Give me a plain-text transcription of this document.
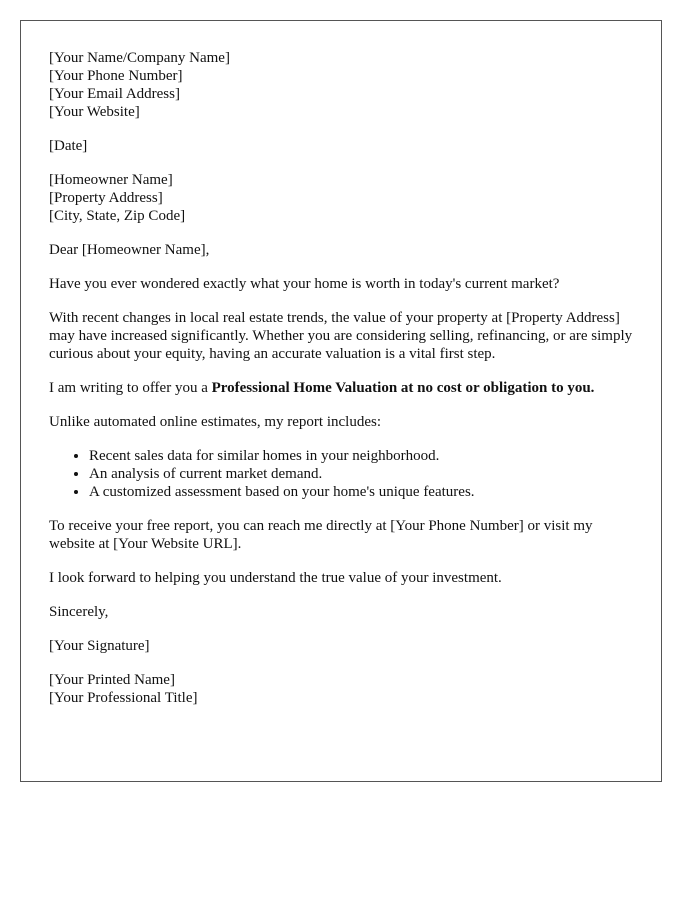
[Your Name/Company Name]
[Your Phone Number]
[Your Email Address]
[Your Website]

[Date]

[Homeowner Name]
[Property Address]
[City, State, Zip Code]

Dear [Homeowner Name],

Have you ever wondered exactly what your home is worth in today's current market?

With recent changes in local real estate trends, the value of your property at [Property Address] may have increased significantly. Whether you are considering selling, refinancing, or are simply curious about your equity, having an accurate valuation is a vital first step.

I am writing to offer you a Professional Home Valuation at no cost or obligation to you.

Unlike automated online estimates, my report includes:

• Recent sales data for similar homes in your neighborhood.
• An analysis of current market demand.
• A customized assessment based on your home's unique features.

To receive your free report, you can reach me directly at [Your Phone Number] or visit my website at [Your Website URL].

I look forward to helping you understand the true value of your investment.

Sincerely,

[Your Signature]

[Your Printed Name]
[Your Professional Title]
